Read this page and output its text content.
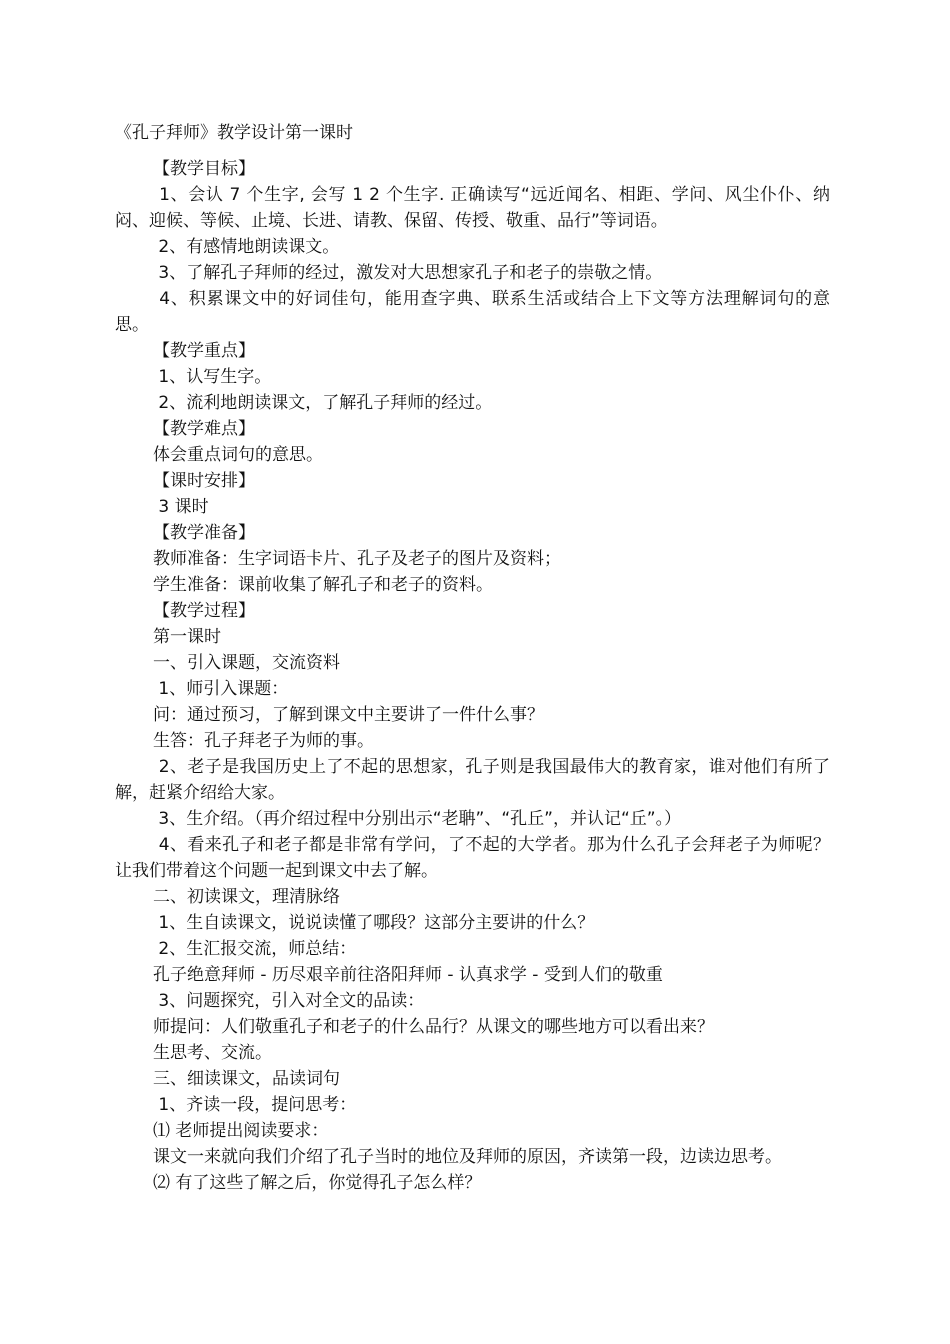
《孔子拜师》教学设计第一课时

【教学目标】

1、会认 7 个生字, 会写 1 2 个生字. 正确读写“远近闻名、相距、学问、风尘仆仆、纳闷、迎候、等候、止境、长进、请教、保留、传授、敬重、品行”等词语。

2、有感情地朗读课文。

3、了解孔子拜师的经过，激发对大思想家孔子和老子的崇敬之情。

4、积累课文中的好词佳句，能用查字典、联系生活或结合上下文等方法理解词句的意思。

【教学重点】

1、认写生字。

2、流利地朗读课文，了解孔子拜师的经过。

【教学难点】

体会重点词句的意思。

【课时安排】

3 课时

【教学准备】

教师准备：生字词语卡片、孔子及老子的图片及资料；

学生准备：课前收集了解孔子和老子的资料。

【教学过程】

第一课时

一、引入课题，交流资料

1、师引入课题：

问：通过预习，了解到课文中主要讲了一件什么事？

生答：孔子拜老子为师的事。

2、老子是我国历史上了不起的思想家，孔子则是我国最伟大的教育家，谁对他们有所了解，赶紧介绍给大家。

3、生介绍。（再介绍过程中分别出示“老聃”、“孔丘”，并认记“丘”。）

4、看来孔子和老子都是非常有学问，了不起的大学者。那为什么孔子会拜老子为师呢？让我们带着这个问题一起到课文中去了解。

二、初读课文，理清脉络

1、生自读课文，说说读懂了哪段？这部分主要讲的什么？

2、生汇报交流，师总结：

孔子绝意拜师 - 历尽艰辛前往洛阳拜师 - 认真求学 - 受到人们的敬重

3、问题探究，引入对全文的品读：

师提问：人们敬重孔子和老子的什么品行？从课文的哪些地方可以看出来？

生思考、交流。

三、细读课文，品读词句

1、齐读一段，提问思考：

⑴ 老师提出阅读要求：

课文一来就向我们介绍了孔子当时的地位及拜师的原因，齐读第一段，边读边思考。

⑵ 有了这些了解之后，你觉得孔子怎么样？
